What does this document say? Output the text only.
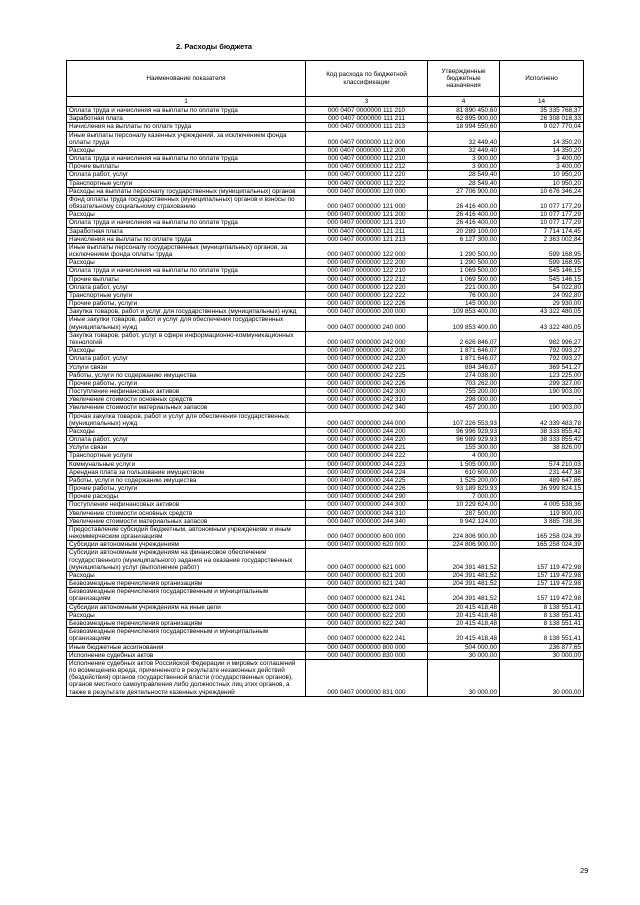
2. Расходы бюджета
Наименование показателя	Код расхода по бюджетной классификации	Утвержденные бюджетные назначения	Исполнено
1	3	4	14
Оплата труда и начисления на выплаты по оплате труда	000 0407 0000000 111 210	81 890 450,60	35 335 768,37
Заработная плата	000 0407 0000000 111 211	62 895 900,00	26 308 018,33
Начисления на выплаты по оплате труда	000 0407 0000000 111 213	18 994 550,60	9 027 770,04
Иные выплаты персоналу казенных учреждений, за исключением фонда оплаты труда	000 0407 0000000 112 000	32 449,40	14 350,20
Расходы	000 0407 0000000 112 200	32 449,40	14 350,20
Оплата труда и начисления на выплаты по оплате труда	000 0407 0000000 112 210	3 900,00	3 400,00
Прочие выплаты	000 0407 0000000 112 212	3 900,00	3 400,00
Оплата работ, услуг	000 0407 0000000 112 220	28 549,40	10 950,20
Транспортные услуги	000 0407 0000000 112 222	28 549,40	10 950,20
Расходы на выплаты персоналу государственных (муниципальных) органов	000 0407 0000000 120 000	27 706 900,00	10 676 346,24
Фонд оплаты труда государственных (муниципальных) органов и взносы по обязательному социальному страхованию	000 0407 0000000 121 000	26 416 400,00	10 077 177,29
Расходы	000 0407 0000000 121 200	26 416 400,00	10 077 177,29
Оплата труда и начисления на выплаты по оплате труда	000 0407 0000000 121 210	26 416 400,00	10 077 177,29
Заработная плата	000 0407 0000000 121 211	20 289 100,00	7 714 174,45
Начисления на выплаты по оплате труда	000 0407 0000000 121 213	6 127 300,00	2 363 002,84
Иные выплаты персоналу государственных (муниципальных) органов, за исключением фонда оплаты труда	000 0407 0000000 122 000	1 290 500,00	599 168,95
Расходы	000 0407 0000000 122 200	1 290 500,00	599 168,95
Оплата труда и начисления на выплаты по оплате труда	000 0407 0000000 122 210	1 069 500,00	545 146,15
Прочие выплаты	000 0407 0000000 122 212	1 069 500,00	545 146,15
Оплата работ, услуг	000 0407 0000000 122 220	221 000,00	54 022,80
Транспортные услуги	000 0407 0000000 122 222	76 000,00	24 092,80
Прочие работы, услуги	000 0407 0000000 122 226	145 000,00	29 930,00
Закупка товаров, работ и услуг для государственных (муниципальных) нужд	000 0407 0000000 200 000	109 853 400,00	43 322 480,05
Иные закупки товаров, работ и услуг для обеспечения государственных (муниципальных) нужд	000 0407 0000000 240 000	109 853 400,00	43 322 480,05
Закупка товаров, работ, услуг в сфере информационно-коммуникационных технологий	000 0407 0000000 242 000	2 626 846,07	982 996,27
Расходы	000 0407 0000000 242 200	1 871 646,07	792 093,27
Оплата работ, услуг	000 0407 0000000 242 220	1 871 646,07	792 093,27
Услуги связи	000 0407 0000000 242 221	894 346,07	369 541,27
Работы, услуги по содержанию имущества	000 0407 0000000 242 225	274 038,00	123 225,00
Прочие работы, услуги	000 0407 0000000 242 226	703 262,00	299 327,00
Поступление нефинансовых активов	000 0407 0000000 242 300	755 200,00	190 903,00
Увеличение стоимости основных средств	000 0407 0000000 242 310	298 000,00	-
Увеличение стоимости материальных запасов	000 0407 0000000 242 340	457 200,00	190 903,00
Прочая закупка товаров, работ и услуг для обеспечения государственных (муниципальных) нужд	000 0407 0000000 244 000	107 226 553,93	42 339 483,78
Расходы	000 0407 0000000 244 200	96 996 929,93	38 333 855,42
Оплата работ, услуг	000 0407 0000000 244 220	96 989 929,93	38 333 855,42
Услуги связи	000 0407 0000000 244 221	155 300,00	38 826,00
Транспортные услуги	000 0407 0000000 244 222	4 000,00	
Коммунальные услуги	000 0407 0000000 244 223	1 505 000,00	574 210,03
Арендная плата за пользование имуществом	000 0407 0000000 244 224	610 600,00	231 447,38
Работы, услуги по содержанию имущества	000 0407 0000000 244 225	1 525 200,00	489 647,86
Прочие работы, услуги	000 0407 0000000 244 226	93 189 829,93	36 999 824,15
Прочие расходы	000 0407 0000000 244 290	7 000,00	
Поступление нефинансовых активов	000 0407 0000000 244 300	10 229 624,00	4 005 538,36
Увеличение стоимости основных средств	000 0407 0000000 244 310	287 500,00	119 800,00
Увеличение стоимости материальных запасов	000 0407 0000000 244 340	9 942 124,00	3 885 738,36
Предоставление субсидий бюджетным, автономным учреждениям и иным некоммерческим организациям	000 0407 0000000 600 000	224 806 900,00	165 258 024,39
Субсидии автономным учреждениям	000 0407 0000000 620 000	224 806 900,00	165 258 024,39
Субсидии автономным учреждениям на финансовое обеспечение государственного (муниципального) задания на оказание государственных (муниципальных) услуг (выполнение работ)	000 0407 0000000 621 000	204 391 481,52	157 119 472,98
Расходы	000 0407 0000000 621 200	204 391 481,52	157 119 472,98
Безвозмездные перечисления организациям	000 0407 0000000 621 240	204 391 481,52	157 119 472,98
Безвозмездные перечисления государственным и муниципальным организациям	000 0407 0000000 621 241	204 391 481,52	157 119 472,98
Субсидии автономным учреждениям на иные цели	000 0407 0000000 622 000	20 415 418,48	8 138 551,41
Расходы	000 0407 0000000 622 200	20 415 418,48	8 138 551,41
Безвозмездные перечисления организациям	000 0407 0000000 622 240	20 415 418,48	8 138 551,41
Безвозмездные перечисления государственным и муниципальным организациям	000 0407 0000000 622 241	20 415 418,48	8 138 551,41
Иные бюджетные ассигнования	000 0407 0000000 800 000	504 000,00	236 877,65
Исполнение судебных актов	000 0407 0000000 830 000	30 000,00	30 000,00
Исполнение судебных актов Российской Федерации и мировых соглашений по возмещению вреда, причиненного в результате незаконных действий (бездействия) органов государственной власти (государственных органов), органов местного самоуправления либо должностных лиц этих органов, а также в результате деятельности казенных учреждений	000 0407 0000000 831 000	30 000,00	30 000,00
29
